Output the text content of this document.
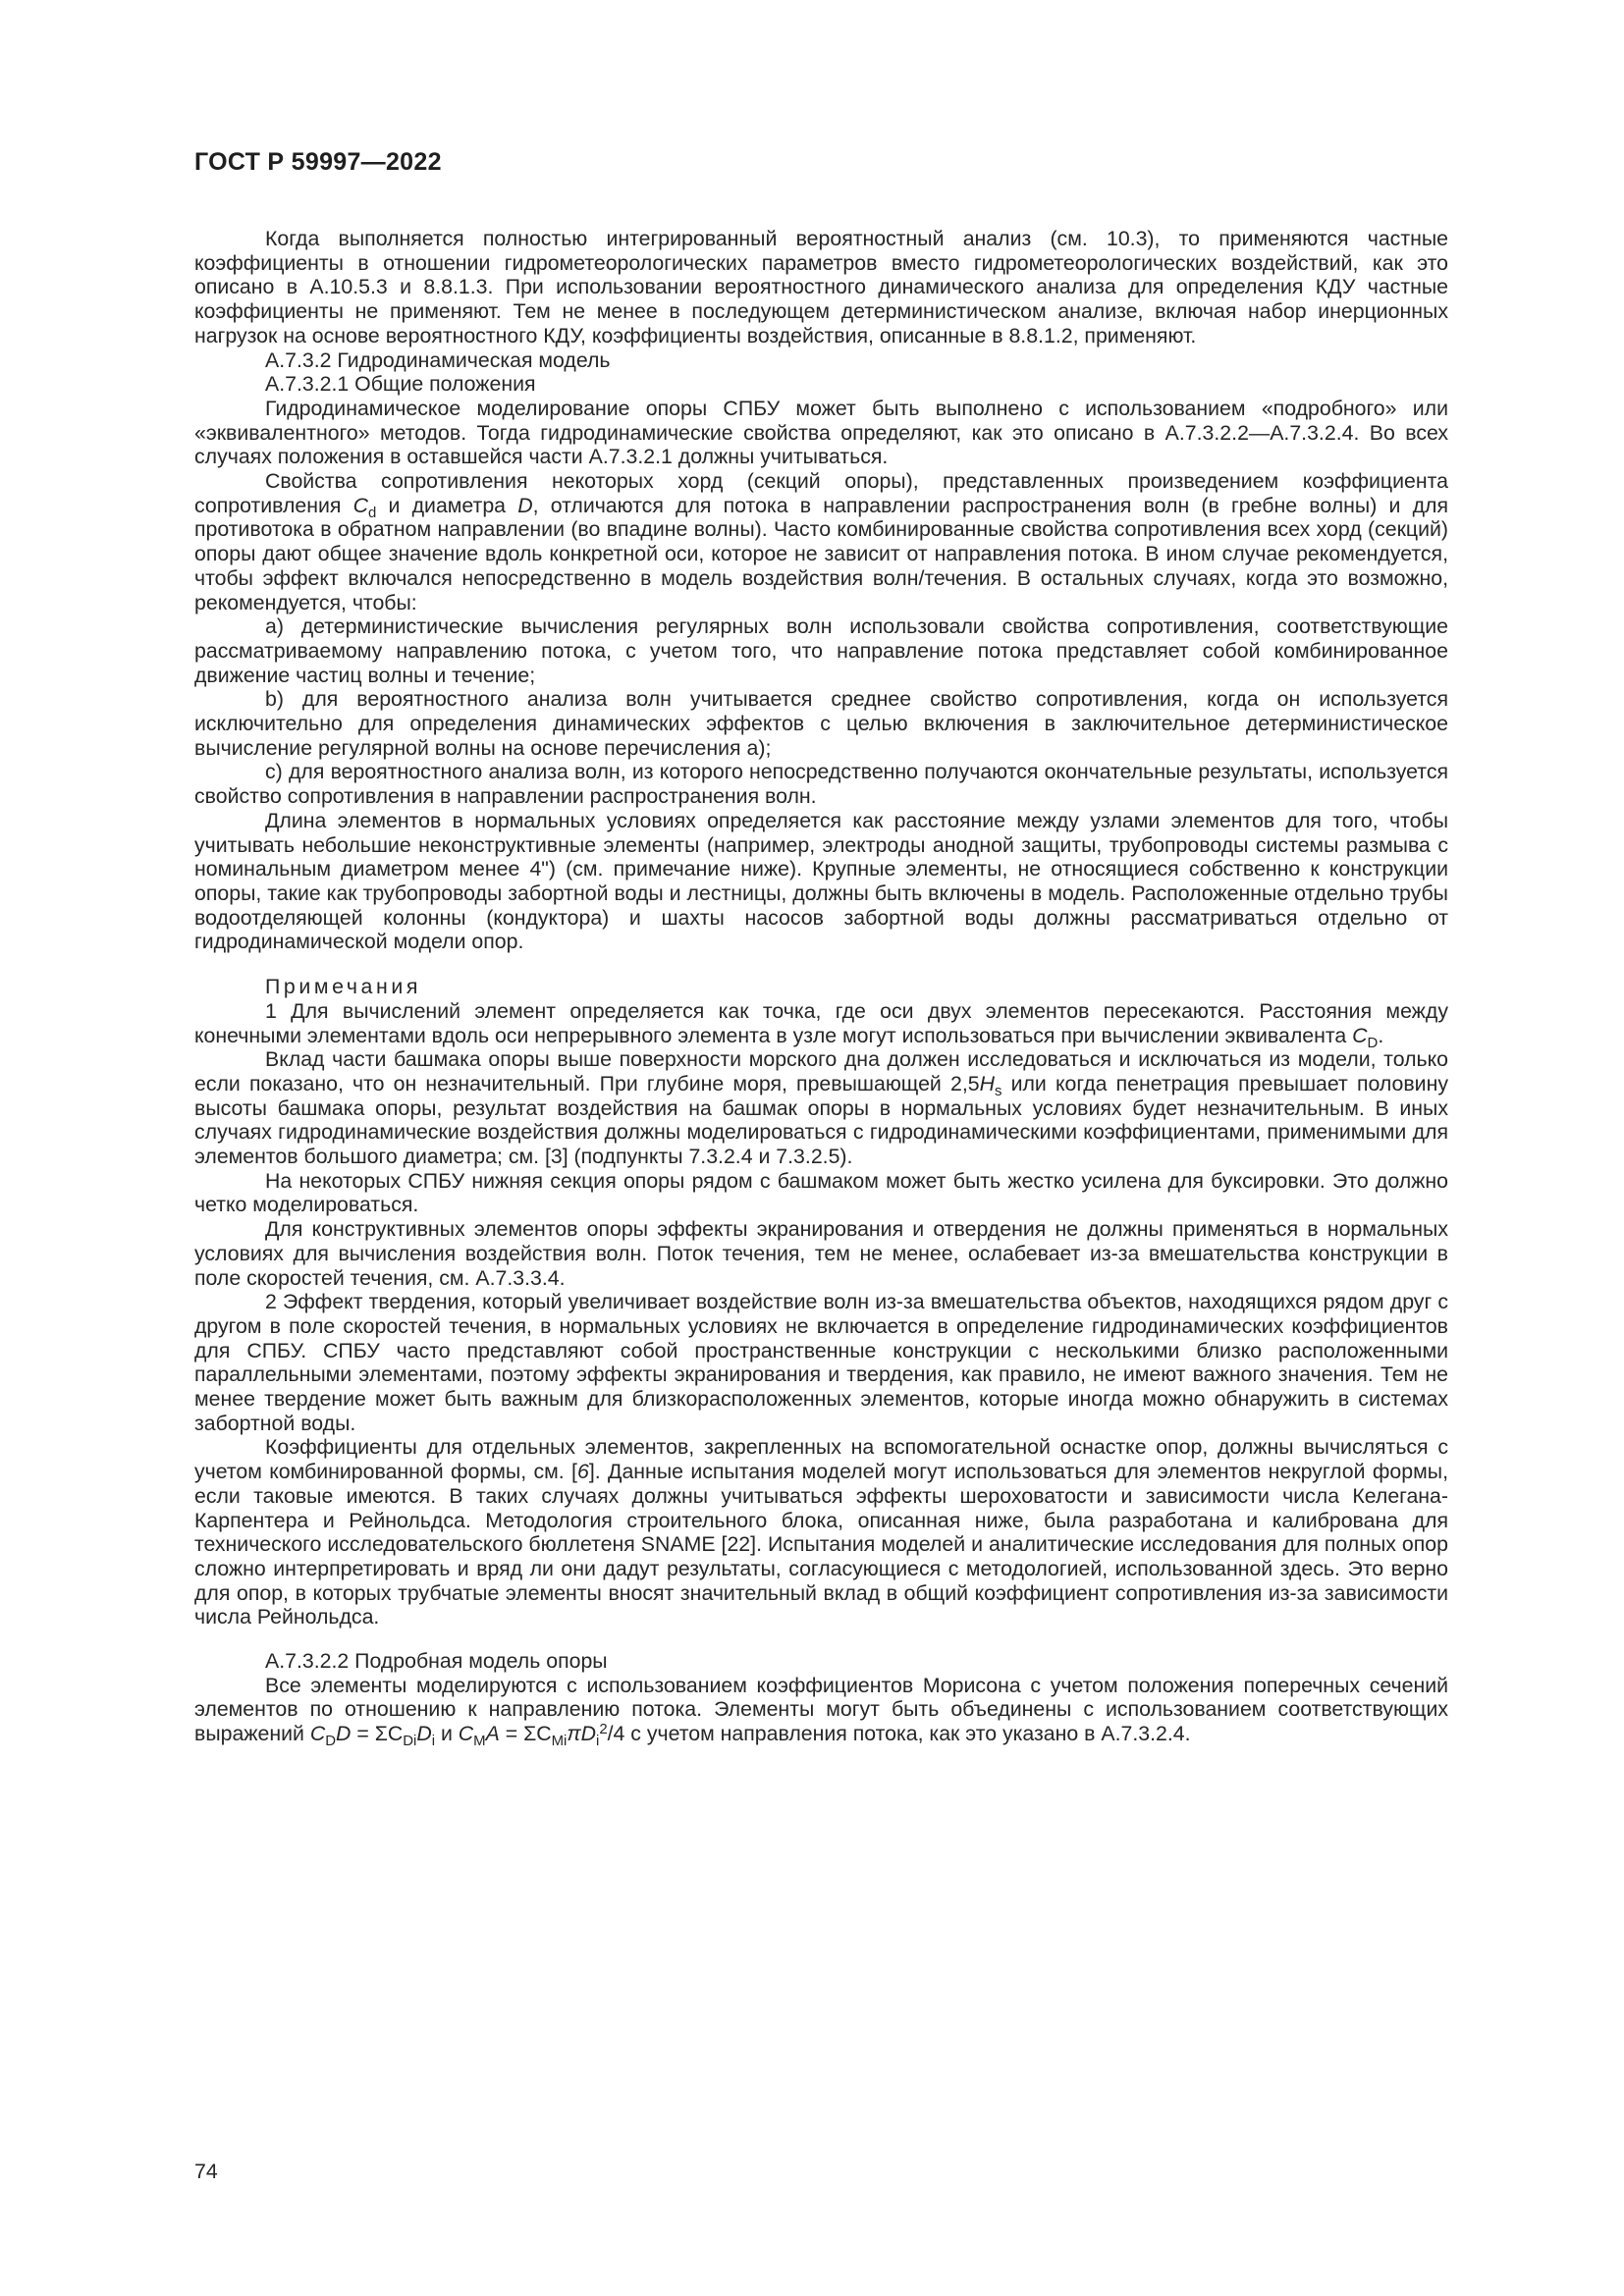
ГОСТ Р 59997—2022

Когда выполняется полностью интегрированный вероятностный анализ (см. 10.3), то применяются частные коэффициенты в отношении гидрометеорологических параметров вместо гидрометеорологических воздействий, как это описано в А.10.5.3 и 8.8.1.3. При использовании вероятностного динамического анализа для определения КДУ частные коэффициенты не применяют. Тем не менее в последующем детерминистическом анализе, включая набор инерционных нагрузок на основе вероятностного КДУ, коэффициенты воздействия, описанные в 8.8.1.2, применяют.

А.7.3.2 Гидродинамическая модель

А.7.3.2.1 Общие положения

Гидродинамическое моделирование опоры СПБУ может быть выполнено с использованием «подробного» или «эквивалентного» методов. Тогда гидродинамические свойства определяют, как это описано в А.7.3.2.2—А.7.3.2.4. Во всех случаях положения в оставшейся части А.7.3.2.1 должны учитываться.

Свойства сопротивления некоторых хорд (секций опоры), представленных произведением коэффициента сопротивления $C_d$ и диаметра D, отличаются для потока в направлении распространения волн (в гребне волны) и для противотока в обратном направлении (во впадине волны). Часто комбинированные свойства сопротивления всех хорд (секций) опоры дают общее значение вдоль конкретной оси, которое не зависит от направления потока. В ином случае рекомендуется, чтобы эффект включался непосредственно в модель воздействия волн/течения. В остальных случаях, когда это возможно, рекомендуется, чтобы:

a) детерминистические вычисления регулярных волн использовали свойства сопротивления, соответствующие рассматриваемому направлению потока, с учетом того, что направление потока представляет собой комбинированное движение частиц волны и течение;

b) для вероятностного анализа волн учитывается среднее свойство сопротивления, когда он используется исключительно для определения динамических эффектов с целью включения в заключительное детерминистическое вычисление регулярной волны на основе перечисления a);

c) для вероятностного анализа волн, из которого непосредственно получаются окончательные результаты, используется свойство сопротивления в направлении распространения волн.

Длина элементов в нормальных условиях определяется как расстояние между узлами элементов для того, чтобы учитывать небольшие неконструктивные элементы (например, электроды анодной защиты, трубопроводы системы размыва с номинальным диаметром менее 4") (см. примечание ниже). Крупные элементы, не относящиеся собственно к конструкции опоры, такие как трубопроводы забортной воды и лестницы, должны быть включены в модель. Расположенные отдельно трубы водоотделяющей колонны (кондуктора) и шахты насосов забортной воды должны рассматриваться отдельно от гидродинамической модели опор.

Примечания

1 Для вычислений элемент определяется как точка, где оси двух элементов пересекаются. Расстояния между конечными элементами вдоль оси непрерывного элемента в узле могут использоваться при вычислении эквивалента $C_D$.

Вклад части башмака опоры выше поверхности морского дна должен исследоваться и исключаться из модели, только если показано, что он незначительный. При глубине моря, превышающей $2,5H_s$ или когда пенетрация превышает половину высоты башмака опоры, результат воздействия на башмак опоры в нормальных условиях будет незначительным. В иных случаях гидродинамические воздействия должны моделироваться с гидродинамическими коэффициентами, применимыми для элементов большого диаметра; см. [3] (подпункты 7.3.2.4 и 7.3.2.5).

На некоторых СПБУ нижняя секция опоры рядом с башмаком может быть жестко усилена для буксировки. Это должно четко моделироваться.

Для конструктивных элементов опоры эффекты экранирования и отвердения не должны применяться в нормальных условиях для вычисления воздействия волн. Поток течения, тем не менее, ослабевает из-за вмешательства конструкции в поле скоростей течения, см. А.7.3.3.4.

2 Эффект твердения, который увеличивает воздействие волн из-за вмешательства объектов, находящихся рядом друг с другом в поле скоростей течения, в нормальных условиях не включается в определение гидродинамических коэффициентов для СПБУ. СПБУ часто представляют собой пространственные конструкции с несколькими близко расположенными параллельными элементами, поэтому эффекты экранирования и твердения, как правило, не имеют важного значения. Тем не менее твердение может быть важным для близкорасположенных элементов, которые иногда можно обнаружить в системах забортной воды.

Коэффициенты для отдельных элементов, закрепленных на вспомогательной оснастке опор, должны вычисляться с учетом комбинированной формы, см. [6]. Данные испытания моделей могут использоваться для элементов некруглой формы, если таковые имеются. В таких случаях должны учитываться эффекты шероховатости и зависимости числа Келегана-Карпентера и Рейнольдса. Методология строительного блока, описанная ниже, была разработана и калибрована для технического исследовательского бюллетеня SNAME [22]. Испытания моделей и аналитические исследования для полных опор сложно интерпретировать и вряд ли они дадут результаты, согласующиеся с методологией, использованной здесь. Это верно для опор, в которых трубчатые элементы вносят значительный вклад в общий коэффициент сопротивления из-за зависимости числа Рейнольдса.

А.7.3.2.2 Подробная модель опоры

Все элементы моделируются с использованием коэффициентов Морисона с учетом положения поперечных сечений элементов по отношению к направлению потока. Элементы могут быть объединены с использованием соответствующих выражений $C_DD = \Sigma C_{Di}D_i$ и $C_MA = \Sigma C_{Mi}\pi D_i^2/4$ с учетом направления потока, как это указано в А.7.3.2.4.

74
